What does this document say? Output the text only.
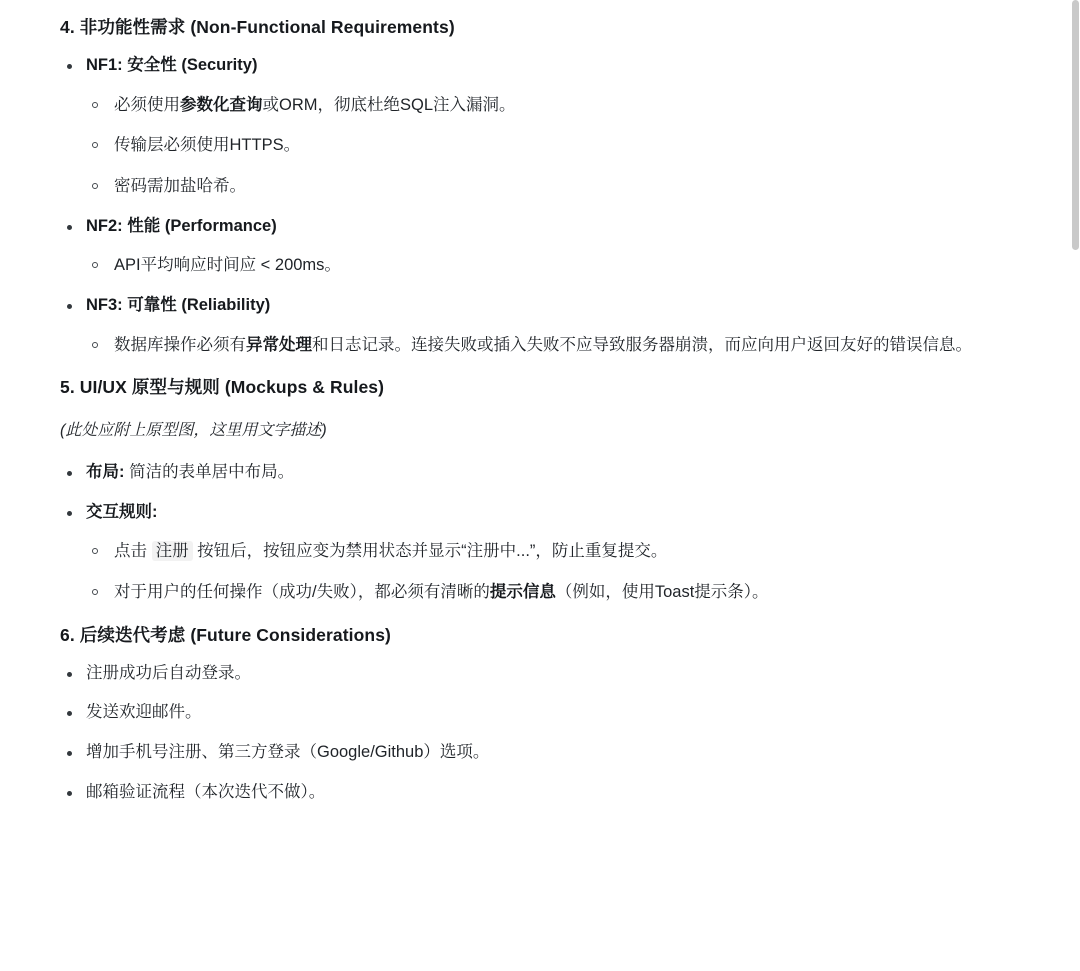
4. 非功能性需求 (Non-Functional Requirements)
NF1: 安全性 (Security)
必须使用参数化查询或ORM，彻底杜绝SQL注入漏洞。
传输层必须使用HTTPS。
密码需加盐哈希。
NF2: 性能 (Performance)
API平均响应时间应 < 200ms。
NF3: 可靠性 (Reliability)
数据库操作必须有异常处理和日志记录。连接失败或插入失败不应导致服务器崩溃，而应向用户返回友好的错误信息。
5. UI/UX 原型与规则 (Mockups & Rules)
(此处应附上原型图，这里用文字描述)
布局: 简洁的表单居中布局。
交互规则:
点击 注册 按钮后，按钮应变为禁用状态并显示“注册中...”，防止重复提交。
对于用户的任何操作（成功/失败），都必须有清晰的提示信息（例如，使用Toast提示条）。
6. 后续迭代考虑 (Future Considerations)
注册成功后自动登录。
发送欢迎邮件。
增加手机号注册、第三方登录（Google/Github）选项。
邮箱验证流程（本次迭代不做）。
